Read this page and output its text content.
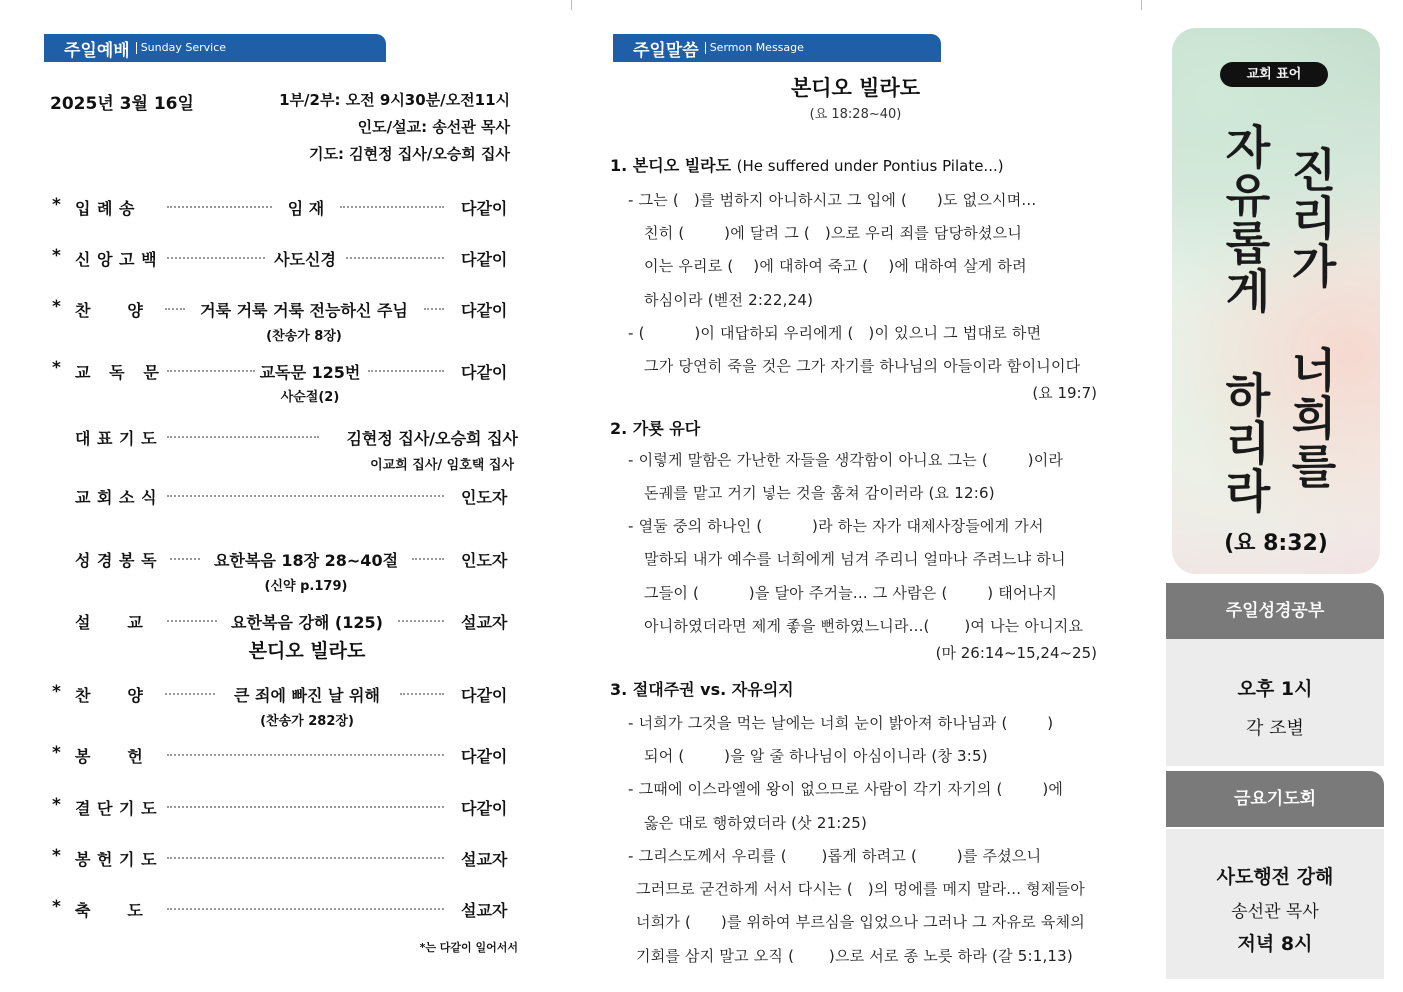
주일예배	Sunday Service
2025년 3월 16일	1부/2부: 오전 9시30분/오전11시
인도/설교: 송선관 목사
기도: 김현정 집사/오승희 집사
* 입 례 송	임 재	다같이
* 신 앙 고 백	사도신경	다같이
* 찬      양	거룩 거룩 거룩 전능하신 주님	다같이
(찬송가 8장)
* 교   독   문	교독문 125번	다같이
사순절(2)
대 표 기 도	김현정 집사/오승희 집사
이교희 집사/ 임호택 집사
교 회 소 식	인도자
성 경 봉 독	요한복음 18장 28~40절	인도자
(신약 p.179)
설      교	요한복음 강해 (125)	설교자
본디오 빌라도
* 찬      양	큰 죄에 빠진 날 위해	다같이
(찬송가 282장)
* 봉      헌	다같이
* 결 단 기 도	다같이
* 봉 헌 기 도	설교자
* 축      도	설교자
*는 다같이 일어서서
주일말씀	Sermon Message
본디오 빌라도
(요 18:28~40)
1. 본디오 빌라도 (He suffered under Pontius Pilate...)
- 그는 (   )를 범하지 아니하시고 그 입에 (      )도 없으시며...
친히 (        )에 달려 그 (   )으로 우리 죄를 담당하셨으니
이는 우리로 (    )에 대하여 죽고 (    )에 대하여 살게 하려
하심이라 (벧전 2:22,24)
- (          )이 대답하되 우리에게 (   )이 있으니 그 법대로 하면
그가 당연히 죽을 것은 그가 자기를 하나님의 아들이라 함이니이다
(요 19:7)
2. 가룟 유다
- 이렇게 말함은 가난한 자들을 생각함이 아니요 그는 (        )이라
돈궤를 맡고 거기 넣는 것을 훔쳐 감이러라 (요 12:6)
- 열둘 중의 하나인 (          )라 하는 자가 대제사장들에게 가서
말하되 내가 예수를 너희에게 넘겨 주리니 얼마나 주려느냐 하니
그들이 (          )을 달아 주거늘... 그 사람은 (        ) 태어나지
아니하였더라면 제게 좋을 뻔하였느니라...(       )여 나는 아니지요
(마 26:14~15,24~25)
3. 절대주권 vs. 자유의지
- 너희가 그것을 먹는 날에는 너희 눈이 밝아져 하나님과 (        )
되어 (        )을 알 줄 하나님이 아심이니라 (창 3:5)
- 그때에 이스라엘에 왕이 없으므로 사람이 각기 자기의 (        )에
옳은 대로 행하였더라 (삿 21:25)
- 그리스도께서 우리를 (       )롭게 하려고 (        )를 주셨으니
그러므로 굳건하게 서서 다시는 (   )의 멍에를 메지 말라... 형제들아
너희가 (      )를 위하여 부르심을 입었으나 그러나 그 자유로 육체의
기회를 삼지 말고 오직 (       )으로 서로 종 노릇 하라 (갈 5:1,13)
교회 표어
진리가 너희를
자유롭게 하리라
(요 8:32)
주일성경공부
오후 1시
각 조별
금요기도회
사도행전 강해
송선관 목사
저녁 8시
